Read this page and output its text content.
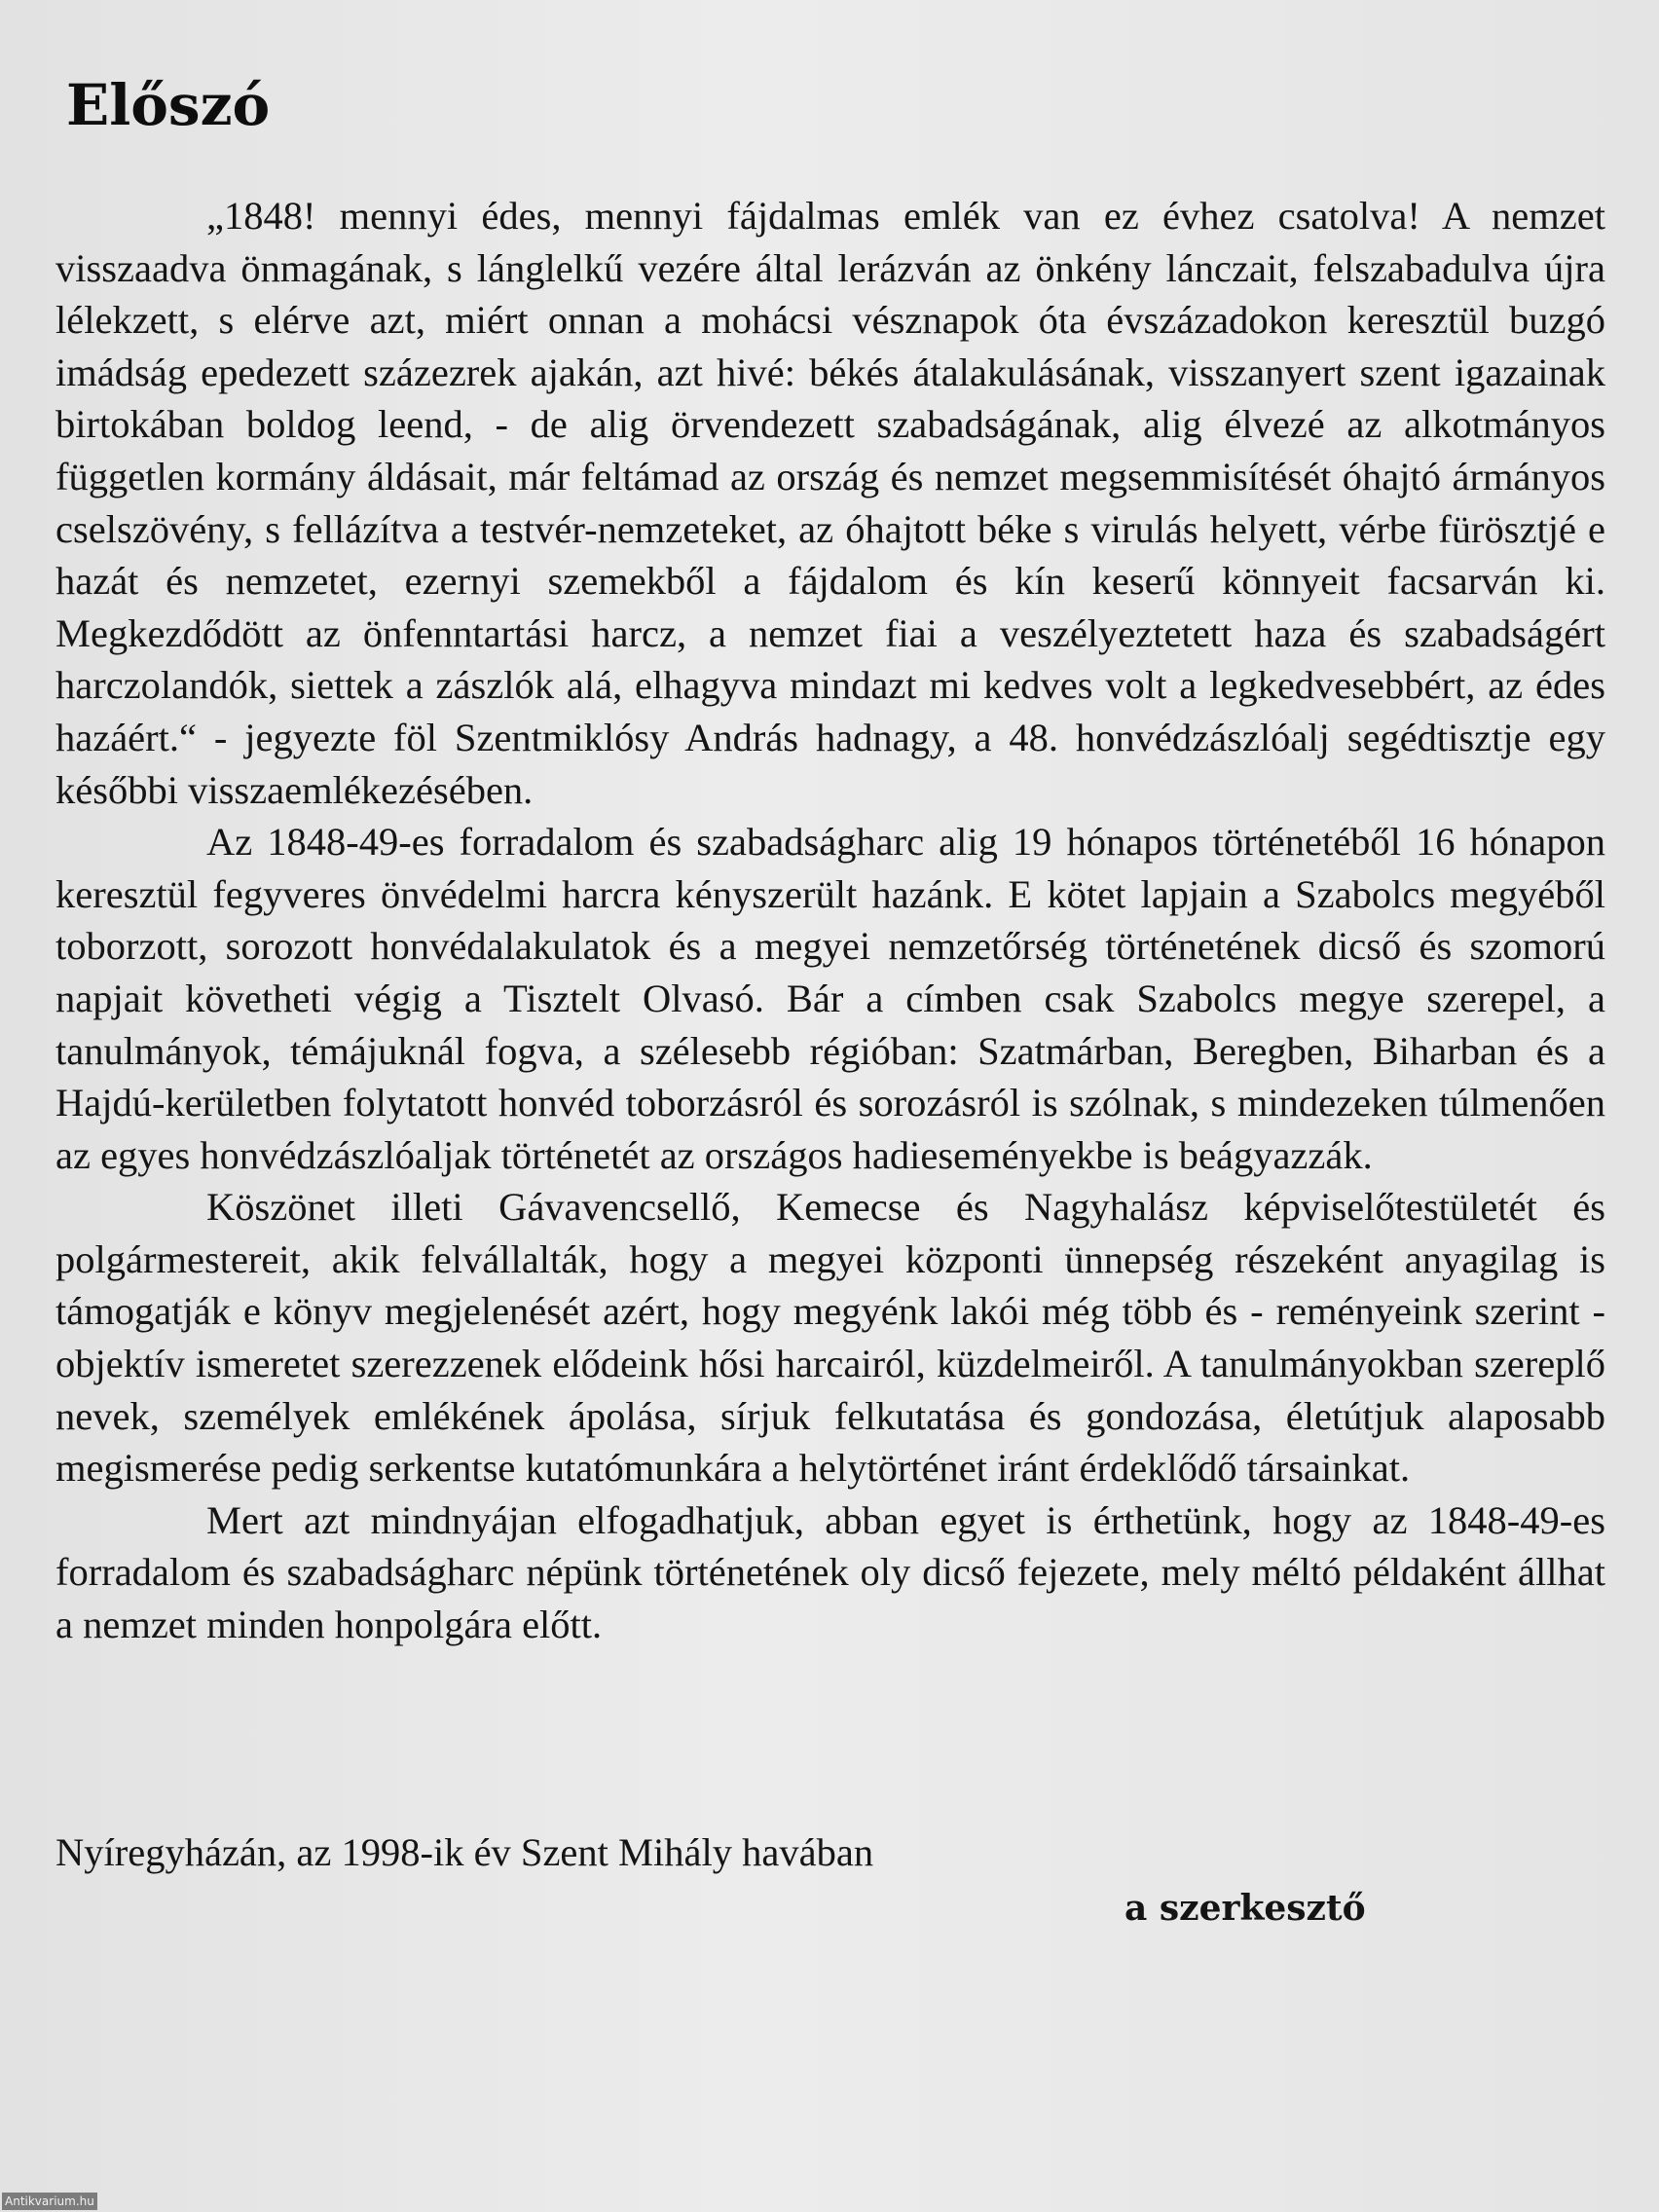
Előszó

„1848! mennyi édes, mennyi fájdalmas emlék van ez évhez csatolva! A nemzet visszaadva önmagának, s lánglelkű vezére által lerázván az önkény lánczait, felszabadulva újra lélekzett, s elérve azt, miért onnan a mohácsi vésznapok óta évszázadokon keresztül buzgó imádság epedezett százezrek ajakán, azt hivé: békés átalakulásának, visszanyert szent igazainak birtokában boldog leend, - de alig örvendezett szabadságának, alig élvezé az alkotmányos független kormány áldásait, már feltámad az ország és nemzet megsemmisítését óhajtó ármányos cselszövény, s fellázítva a testvér-nemzeteket, az óhajtott béke s virulás helyett, vérbe fürösztjé e hazát és nemzetet, ezernyi szemekből a fájdalom és kín keserű könnyeit facsarván ki. Megkezdődött az önfenntartási harcz, a nemzet fiai a veszélyeztetett haza és szabadságért harczolandók, siettek a zászlók alá, elhagyva mindazt mi kedves volt a legkedvesebbért, az édes hazáért.“ - jegyezte föl Szentmiklósy András hadnagy, a 48. honvédzászlóalj segédtisztje egy későbbi visszaemlékezésében.

Az 1848-49-es forradalom és szabadságharc alig 19 hónapos történetéből 16 hónapon keresztül fegyveres önvédelmi harcra kényszerült hazánk. E kötet lapjain a Szabolcs megyéből toborzott, sorozott honvédalakulatok és a megyei nemzetőrség történetének dicső és szomorú napjait követheti végig a Tisztelt Olvasó. Bár a címben csak Szabolcs megye szerepel, a tanulmányok, témájuknál fogva, a szélesebb régióban: Szatmárban, Beregben, Biharban és a Hajdú-kerületben folytatott honvéd toborzásról és sorozásról is szólnak, s mindezeken túlmenően az egyes honvédzászlóaljak történetét az országos hadieseményekbe is beágyazzák.

Köszönet illeti Gávavencsellő, Kemecse és Nagyhalász képviselőtestületét és polgármestereit, akik felvállalták, hogy a megyei központi ünnepség részeként anyagilag is támogatják e könyv megjelenését azért, hogy megyénk lakói még több és - reményeink szerint - objektív ismeretet szerezzenek elődeink hősi harcairól, küzdelmeiről. A tanulmányokban szereplő nevek, személyek emlékének ápolása, sírjuk felkutatása és gondozása, életútjuk alaposabb megismerése pedig serkentse kutatómunkára a helytörténet iránt érdeklődő társainkat.

Mert azt mindnyájan elfogadhatjuk, abban egyet is érthetünk, hogy az 1848-49-es forradalom és szabadságharc népünk történetének oly dicső fejezete, mely méltó példaként állhat a nemzet minden honpolgára előtt.

Nyíregyházán, az 1998-ik év Szent Mihály havában
a szerkesztő
Antikvarium.hu
